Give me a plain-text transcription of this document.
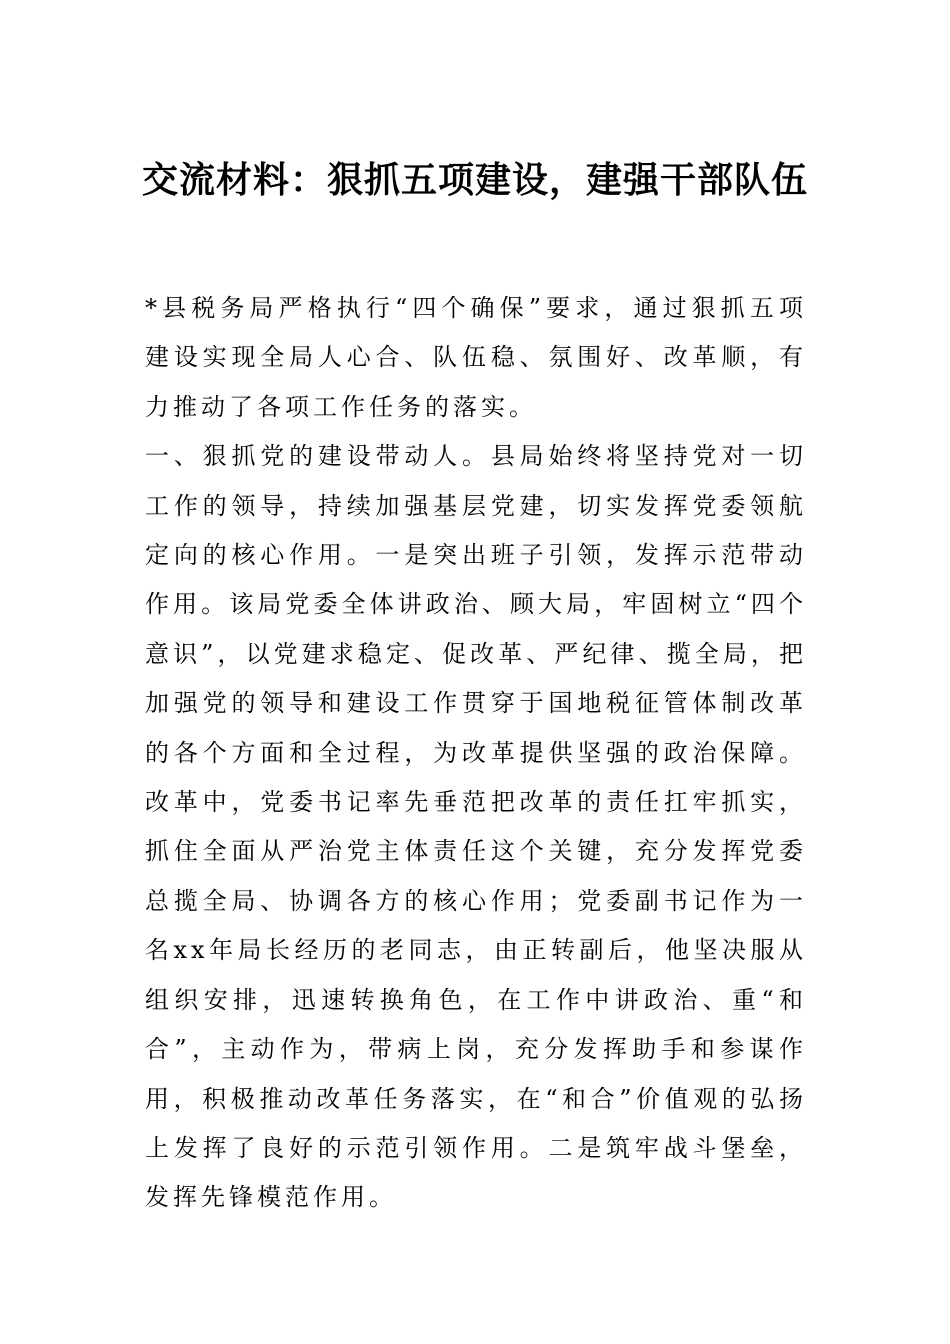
交流材料：狠抓五项建设，建强干部队伍

*县税务局严格执行“四个确保”要求，通过狠抓五项建设实现全局人心合、队伍稳、氛围好、改革顺，有力推动了各项工作任务的落实。

一、狠抓党的建设带动人。县局始终将坚持党对一切工作的领导，持续加强基层党建，切实发挥党委领航定向的核心作用。一是突出班子引领，发挥示范带动作用。该局党委全体讲政治、顾大局，牢固树立“四个意识”，以党建求稳定、促改革、严纪律、揽全局，把加强党的领导和建设工作贯穿于国地税征管体制改革的各个方面和全过程，为改革提供坚强的政治保障。改革中，党委书记率先垂范把改革的责任扛牢抓实，抓住全面从严治党主体责任这个关键，充分发挥党委总揽全局、协调各方的核心作用；党委副书记作为一名xx年局长经历的老同志，由正转副后，他坚决服从组织安排，迅速转换角色，在工作中讲政治、重“和合”，主动作为，带病上岗，充分发挥助手和参谋作用，积极推动改革任务落实，在“和合”价值观的弘扬上发挥了良好的示范引领作用。二是筑牢战斗堡垒，发挥先锋模范作用。
